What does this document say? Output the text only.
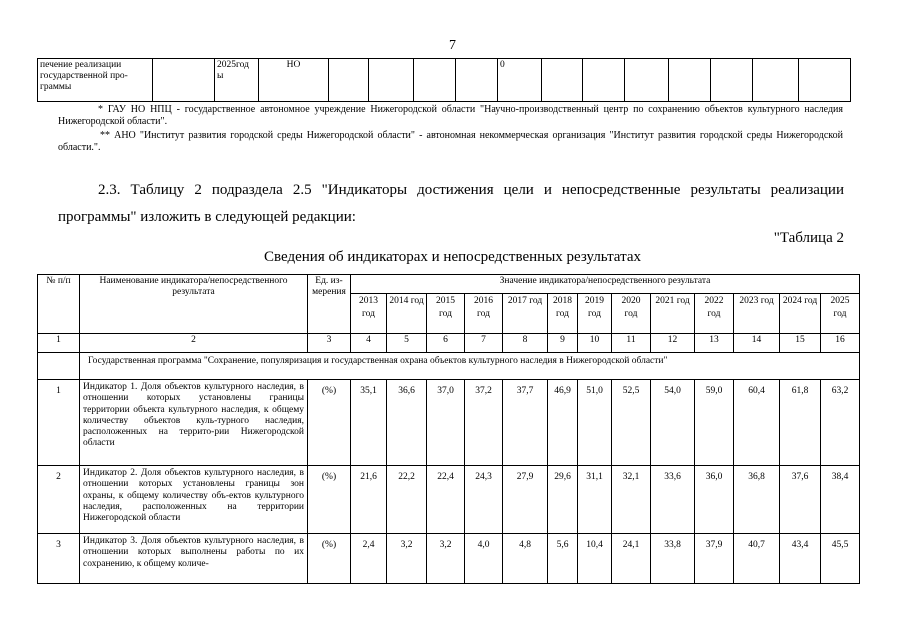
7
печение реализации государственной про-граммы		2025год ы	НО					0							
* ГАУ НО НПЦ - государственное автономное учреждение Нижегородской области "Научно-производственный центр по сохранению объектов культурного наследия Нижегородской области".
** АНО "Институт развития городской среды Нижегородской области" - автономная некоммерческая организация "Институт развития городской среды Нижегородской области.".
2.3. Таблицу 2 подраздела 2.5 "Индикаторы достижения цели и непосредственные результаты реализации программы" изложить в следующей редакции:
"Таблица 2
Сведения об индикаторах и непосредственных результатах
№ п/п	Наименование индикатора/непосредственного результата	Ед. из-мерения	Значение индикатора/непосредственного результата												
			2013 год	2014 год	2015 год	2016 год	2017 год	2018 год	2019 год	2020 год	2021 год	2022 год	2023 год	2024 год	2025 год
1	2	3	4	5	6	7	8	9	10	11	12	13	14	15	16
	Государственная программа "Сохранение, популяризация и государственная охрана объектов культурного наследия в Нижегородской области"														
1	Индикатор 1. Доля объектов культурного наследия, в отношении которых установлены границы территории объекта культурного наследия, к общему количеству объектов куль-турного наследия, расположенных на террито-рии Нижегородской области	(%)	35,1	36,6	37,0	37,2	37,7	46,9	51,0	52,5	54,0	59,0	60,4	61,8	63,2
2	Индикатор 2. Доля объектов культурного наследия, в отношении которых установлены границы зон охраны, к общему количеству объ-ектов культурного наследия, расположенных на территории Нижегородской области	(%)	21,6	22,2	22,4	24,3	27,9	29,6	31,1	32,1	33,6	36,0	36,8	37,6	38,4
3	Индикатор 3. Доля объектов культурного наследия, в отношении которых выполнены работы по их сохранению, к общему количе-	(%)	2,4	3,2	3,2	4,0	4,8	5,6	10,4	24,1	33,8	37,9	40,7	43,4	45,5
